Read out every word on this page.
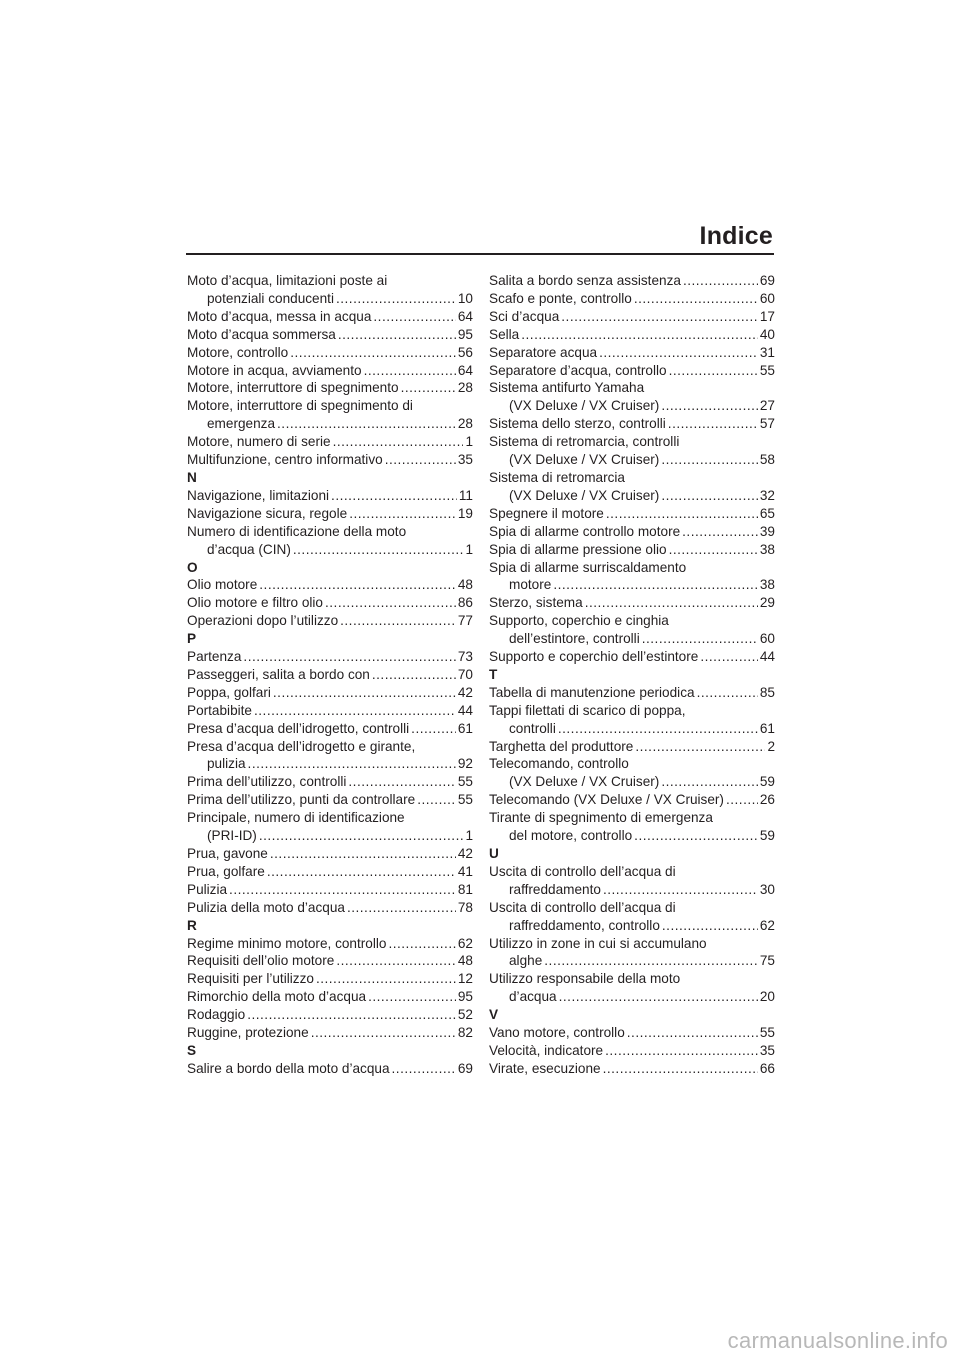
Indice
Moto d’acqua, limitazioni poste ai
potenziali conducenti .....	10
Moto d’acqua, messa in acqua .....	64
Moto d’acqua sommersa .....	95
Motore, controllo .....	56
Motore in acqua, avviamento .....	64
Motore, interruttore di spegnimento .....	28
Motore, interruttore di spegnimento di
emergenza .....	28
Motore, numero di serie .....	1
Multifunzione, centro informativo .....	35
N
Navigazione, limitazioni .....	11
Navigazione sicura, regole .....	19
Numero di identificazione della moto
d’acqua (CIN) .....	1
O
Olio motore .....	48
Olio motore e filtro olio .....	86
Operazioni dopo l’utilizzo .....	77
P
Partenza .....	73
Passeggeri, salita a bordo con .....	70
Poppa, golfari .....	42
Portabibite .....	44
Presa d’acqua dell’idrogetto, controlli .....	61
Presa d’acqua dell’idrogetto e girante,
pulizia .....	92
Prima dell’utilizzo, controlli .....	55
Prima dell’utilizzo, punti da controllare .....	55
Principale, numero di identificazione
(PRI-ID) .....	1
Prua, gavone .....	42
Prua, golfare .....	41
Pulizia .....	81
Pulizia della moto d’acqua .....	78
R
Regime minimo motore, controllo .....	62
Requisiti dell’olio motore .....	48
Requisiti per l’utilizzo .....	12
Rimorchio della moto d’acqua .....	95
Rodaggio .....	52
Ruggine, protezione .....	82
S
Salire a bordo della moto d’acqua .....	69
Salita a bordo senza assistenza .....	69
Scafo e ponte, controllo .....	60
Sci d’acqua .....	17
Sella .....	40
Separatore acqua .....	31
Separatore d’acqua, controllo .....	55
Sistema antifurto Yamaha
(VX Deluxe / VX Cruiser) .....	27
Sistema dello sterzo, controlli .....	57
Sistema di retromarcia, controlli
(VX Deluxe / VX Cruiser) .....	58
Sistema di retromarcia
(VX Deluxe / VX Cruiser) .....	32
Spegnere il motore .....	65
Spia di allarme controllo motore .....	39
Spia di allarme pressione olio .....	38
Spia di allarme surriscaldamento
motore .....	38
Sterzo, sistema .....	29
Supporto, coperchio e cinghia
dell’estintore, controlli .....	60
Supporto e coperchio dell’estintore .....	44
T
Tabella di manutenzione periodica .....	85
Tappi filettati di scarico di poppa,
controlli .....	61
Targhetta del produttore .....	2
Telecomando, controllo
(VX Deluxe / VX Cruiser) .....	59
Telecomando (VX Deluxe / VX Cruiser) .....	26
Tirante di spegnimento di emergenza
del motore, controllo .....	59
U
Uscita di controllo dell’acqua di
raffreddamento .....	30
Uscita di controllo dell’acqua di
raffreddamento, controllo .....	62
Utilizzo in zone in cui si accumulano
alghe .....	75
Utilizzo responsabile della moto
d’acqua .....	20
V
Vano motore, controllo .....	55
Velocità, indicatore .....	35
Virate, esecuzione .....	66
carmanualsonline.info
